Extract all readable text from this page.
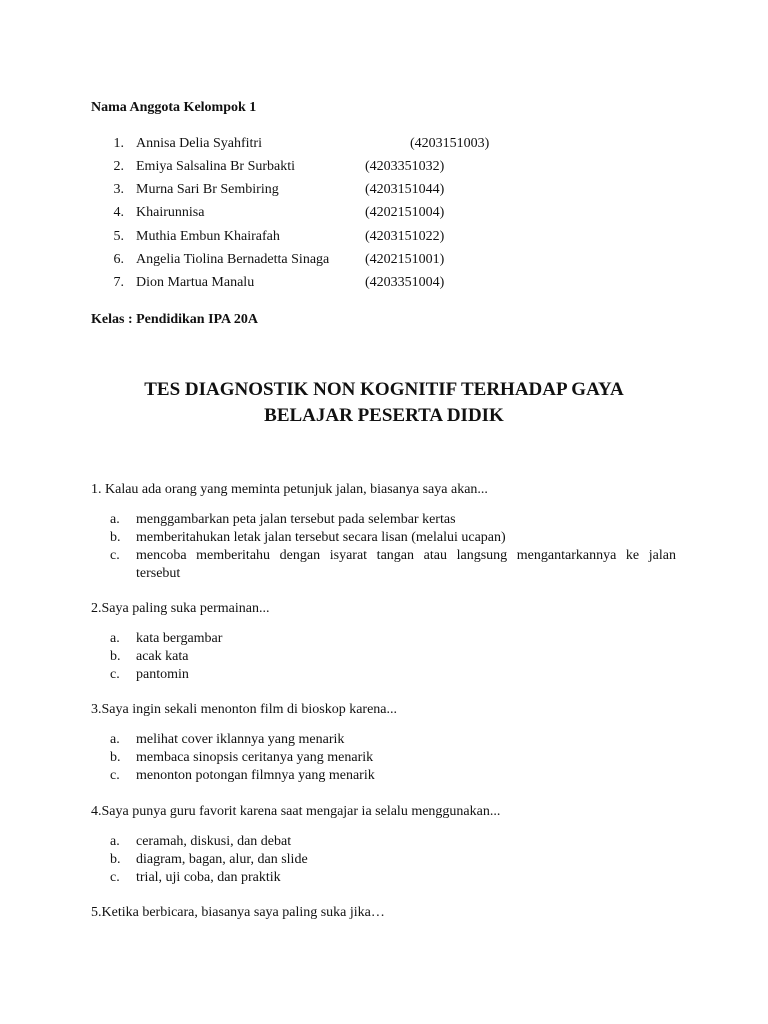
Nama Anggota Kelompok 1
1. Annisa Delia Syahfitri	(4203151003)
2. Emiya Salsalina Br Surbakti	(4203351032)
3. Murna Sari Br Sembiring	(4203151044)
4. Khairunnisa	(4202151004)
5. Muthia Embun Khairafah	(4203151022)
6. Angelia Tiolina Bernadetta Sinaga	(4202151001)
7. Dion Martua Manalu	(4203351004)
Kelas : Pendidikan IPA 20A
TES DIAGNOSTIK NON KOGNITIF TERHADAP GAYA
BELAJAR PESERTA DIDIK
1. Kalau ada orang yang meminta petunjuk jalan, biasanya saya akan...
a.	menggambarkan peta jalan tersebut pada selembar kertas
b.	memberitahukan letak jalan tersebut secara lisan (melalui ucapan)
c.	mencoba memberitahu dengan isyarat tangan atau langsung mengantarkannya ke jalan
tersebut
2.Saya paling suka permainan...
a.	kata bergambar
b.	acak kata
c.	pantomin
3.Saya ingin sekali menonton film di bioskop karena...
a.	melihat cover iklannya yang menarik
b.	membaca sinopsis ceritanya yang menarik
c.	menonton potongan filmnya yang menarik
4.Saya punya guru favorit karena saat mengajar ia selalu menggunakan...
a.	ceramah, diskusi, dan debat
b.	diagram, bagan, alur, dan slide
c.	trial, uji coba, dan praktik
5.Ketika berbicara, biasanya saya paling suka jika…
